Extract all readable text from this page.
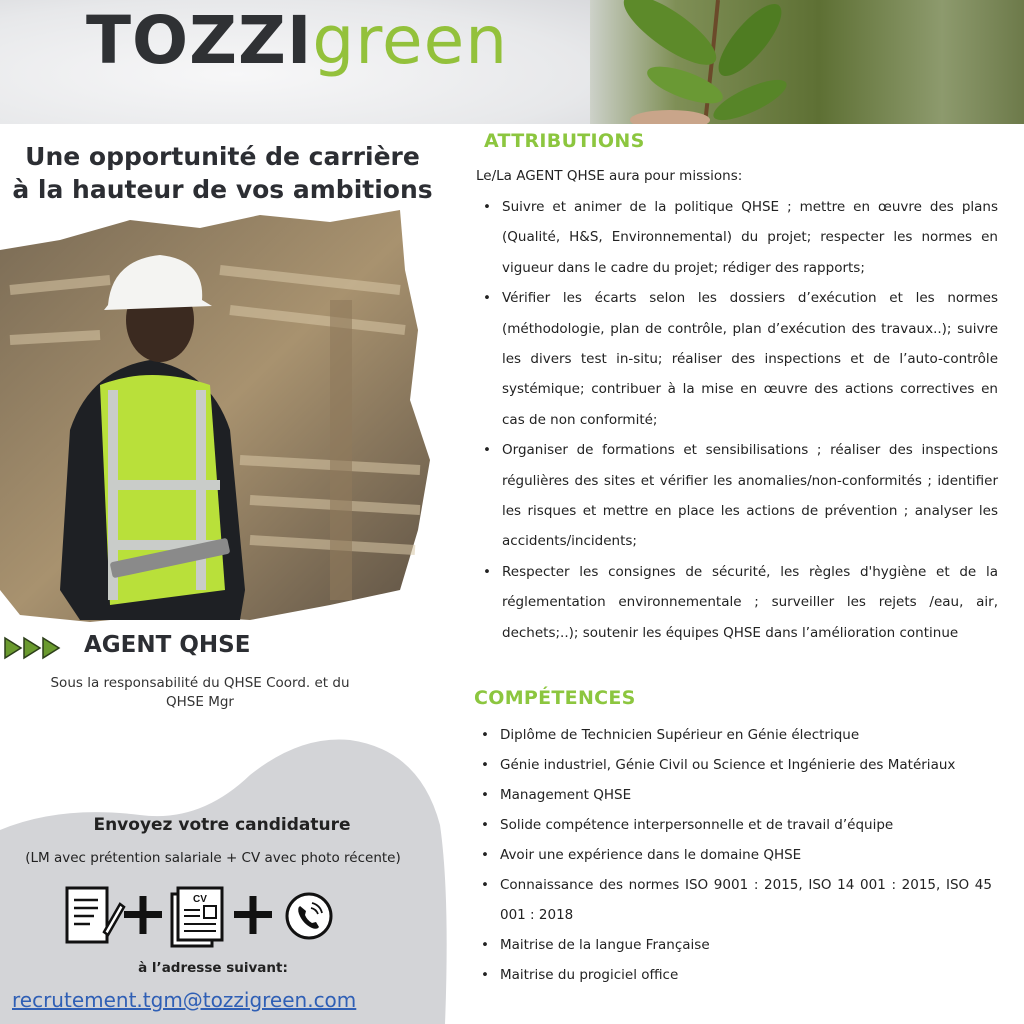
TOZZIgreen
Une opportunité de carrière
à la hauteur de vos ambitions
AGENT QHSE
Sous la responsabilité du QHSE Coord. et du
QHSE Mgr
Envoyez votre candidature
(LM avec prétention salariale + CV avec photo récente)
CV
à l’adresse suivant:
recrutement.tgm@tozzigreen.com
ATTRIBUTIONS
Le/La AGENT QHSE aura pour missions:
• Suivre et animer de la politique QHSE ; mettre en œuvre des plans (Qualité, H&S, Environnemental) du projet; respecter les normes en vigueur dans le cadre du projet; rédiger des rapports;
• Vérifier les écarts selon les dossiers d’exécution et les normes (méthodologie, plan de contrôle, plan d’exécution des travaux..); suivre les divers test in-situ; réaliser des inspections et de l’auto-contrôle systémique; contribuer à la mise en œuvre des actions correctives en cas de non conformité;
• Organiser de formations et sensibilisations ; réaliser des inspections régulières des sites et vérifier les anomalies/non-conformités ; identifier les risques et mettre en place les actions de prévention ; analyser les accidents/incidents;
• Respecter les consignes de sécurité, les règles d'hygiène et de la réglementation environnementale ; surveiller les rejets /eau, air, dechets;..); soutenir les équipes QHSE dans l’amélioration continue
COMPÉTENCES
• Diplôme de Technicien Supérieur en Génie électrique
• Génie industriel, Génie Civil ou Science et Ingénierie des Matériaux
• Management QHSE
• Solide compétence interpersonnelle et de travail d’équipe
• Avoir une expérience dans le domaine QHSE
• Connaissance des normes ISO 9001 : 2015, ISO 14 001 : 2015, ISO 45 001 : 2018
• Maitrise de la langue Française
• Maitrise du progiciel office
